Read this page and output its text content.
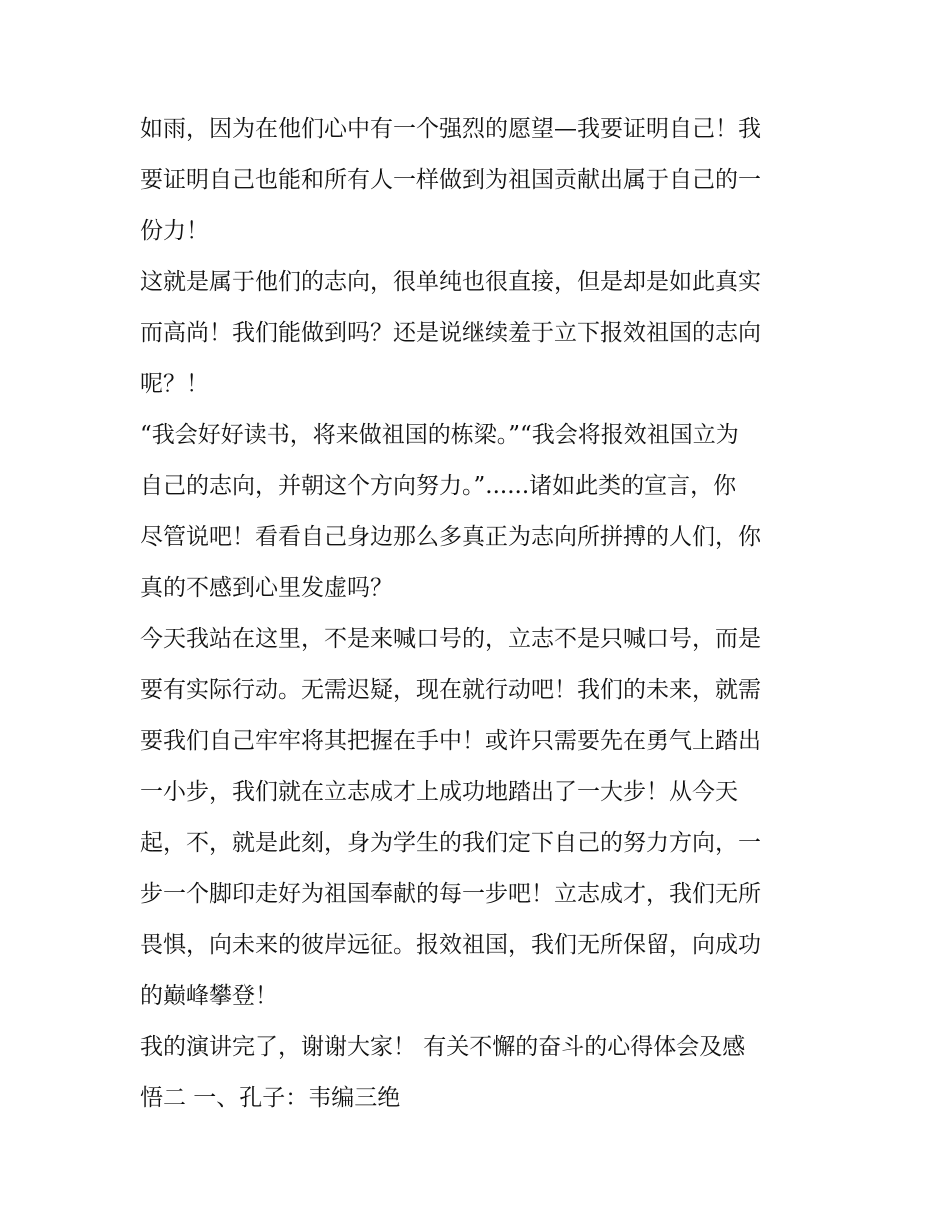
如雨，因为在他们心中有一个强烈的愿望—我要证明自己！我

要证明自己也能和所有人一样做到为祖国贡献出属于自己的一

份力！

这就是属于他们的志向，很单纯也很直接，但是却是如此真实

而高尚！我们能做到吗？还是说继续羞于立下报效祖国的志向

呢？！

“我会好好读书，将来做祖国的栋梁。”“我会将报效祖国立为

自己的志向，并朝这个方向努力。”......诸如此类的宣言，你

尽管说吧！看看自己身边那么多真正为志向所拼搏的人们，你

真的不感到心里发虚吗？

今天我站在这里，不是来喊口号的，立志不是只喊口号，而是

要有实际行动。无需迟疑，现在就行动吧！我们的未来，就需

要我们自己牢牢将其把握在手中！或许只需要先在勇气上踏出

一小步，我们就在立志成才上成功地踏出了一大步！从今天

起，不，就是此刻，身为学生的我们定下自己的努力方向，一

步一个脚印走好为祖国奉献的每一步吧！立志成才，我们无所

畏惧，向未来的彼岸远征。报效祖国，我们无所保留，向成功

的巅峰攀登！

我的演讲完了，谢谢大家！ 有关不懈的奋斗的心得体会及感

悟二 一、孔子：韦编三绝
